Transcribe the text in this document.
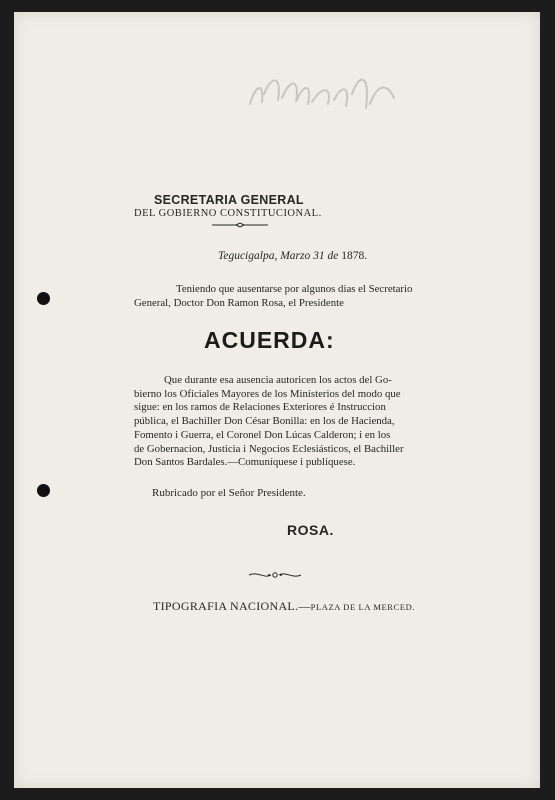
SECRETARIA GENERAL
DEL GOBIERNO CONSTITUCIONAL.
Tegucigalpa, Marzo 31 de 1878.
Teniendo que ausentarse por algunos dias el Secretario
General, Doctor Don Ramon Rosa, el Presidente
ACUERDA:
Que durante esa ausencia autoricen los actos del Go-
bierno los Oficiales Mayores de los Ministerios del modo que
sigue: en los ramos de Relaciones Exteriores é Instruccion
pública, el Bachiller Don César Bonilla: en los de Hacienda,
Fomento i Guerra, el Coronel Don Lúcas Calderon; i en los
de Gobernacion, Justicia i Negocios Eclesiásticos, el Bachiller
Don Santos Bardales.—Comuníquese i publíquese.
Rubricado por el Señor Presidente.
ROSA.
TIPOGRAFIA NACIONAL.—PLAZA DE LA MERCED.
